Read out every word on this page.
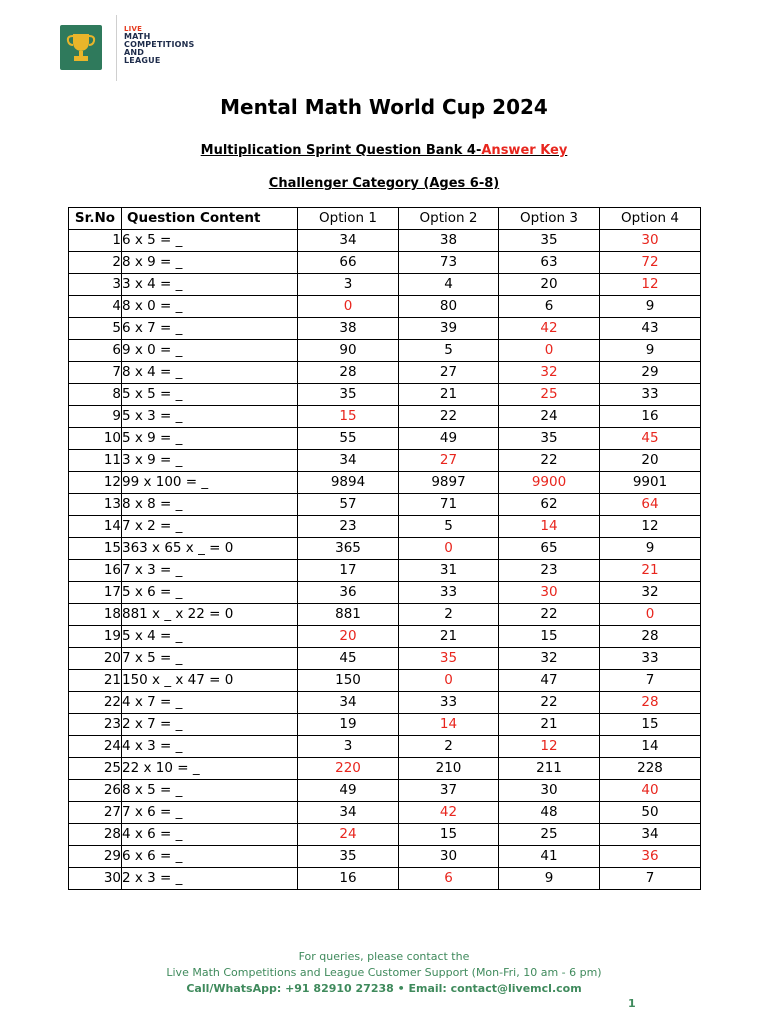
LIVE
MATH
COMPETITIONS
AND
LEAGUE
Mental Math World Cup 2024
Multiplication Sprint Question Bank 4-Answer Key
Challenger Category (Ages 6-8)
Sr.No	Question Content	Option 1	Option 2	Option 3	Option 4
1	6 x 5 = _	34	38	35	30
2	8 x 9 = _	66	73	63	72
3	3 x 4 = _	3	4	20	12
4	8 x 0 = _	0	80	6	9
5	6 x 7 = _	38	39	42	43
6	9 x 0 = _	90	5	0	9
7	8 x 4 = _	28	27	32	29
8	5 x 5 = _	35	21	25	33
9	5 x 3 = _	15	22	24	16
10	5 x 9 = _	55	49	35	45
11	3 x 9 = _	34	27	22	20
12	99 x 100 = _	9894	9897	9900	9901
13	8 x 8 = _	57	71	62	64
14	7 x 2 = _	23	5	14	12
15	363 x 65 x _ = 0	365	0	65	9
16	7 x 3 = _	17	31	23	21
17	5 x 6 = _	36	33	30	32
18	881 x _ x 22 = 0	881	2	22	0
19	5 x 4 = _	20	21	15	28
20	7 x 5 = _	45	35	32	33
21	150 x _ x 47 = 0	150	0	47	7
22	4 x 7 = _	34	33	22	28
23	2 x 7 = _	19	14	21	15
24	4 x 3 = _	3	2	12	14
25	22 x 10 = _	220	210	211	228
26	8 x 5 = _	49	37	30	40
27	7 x 6 = _	34	42	48	50
28	4 x 6 = _	24	15	25	34
29	6 x 6 = _	35	30	41	36
30	2 x 3 = _	16	6	9	7
For queries, please contact the
Live Math Competitions and League Customer Support (Mon-Fri, 10 am - 6 pm)
Call/WhatsApp: +91 82910 27238 • Email: contact@livemcl.com
1
